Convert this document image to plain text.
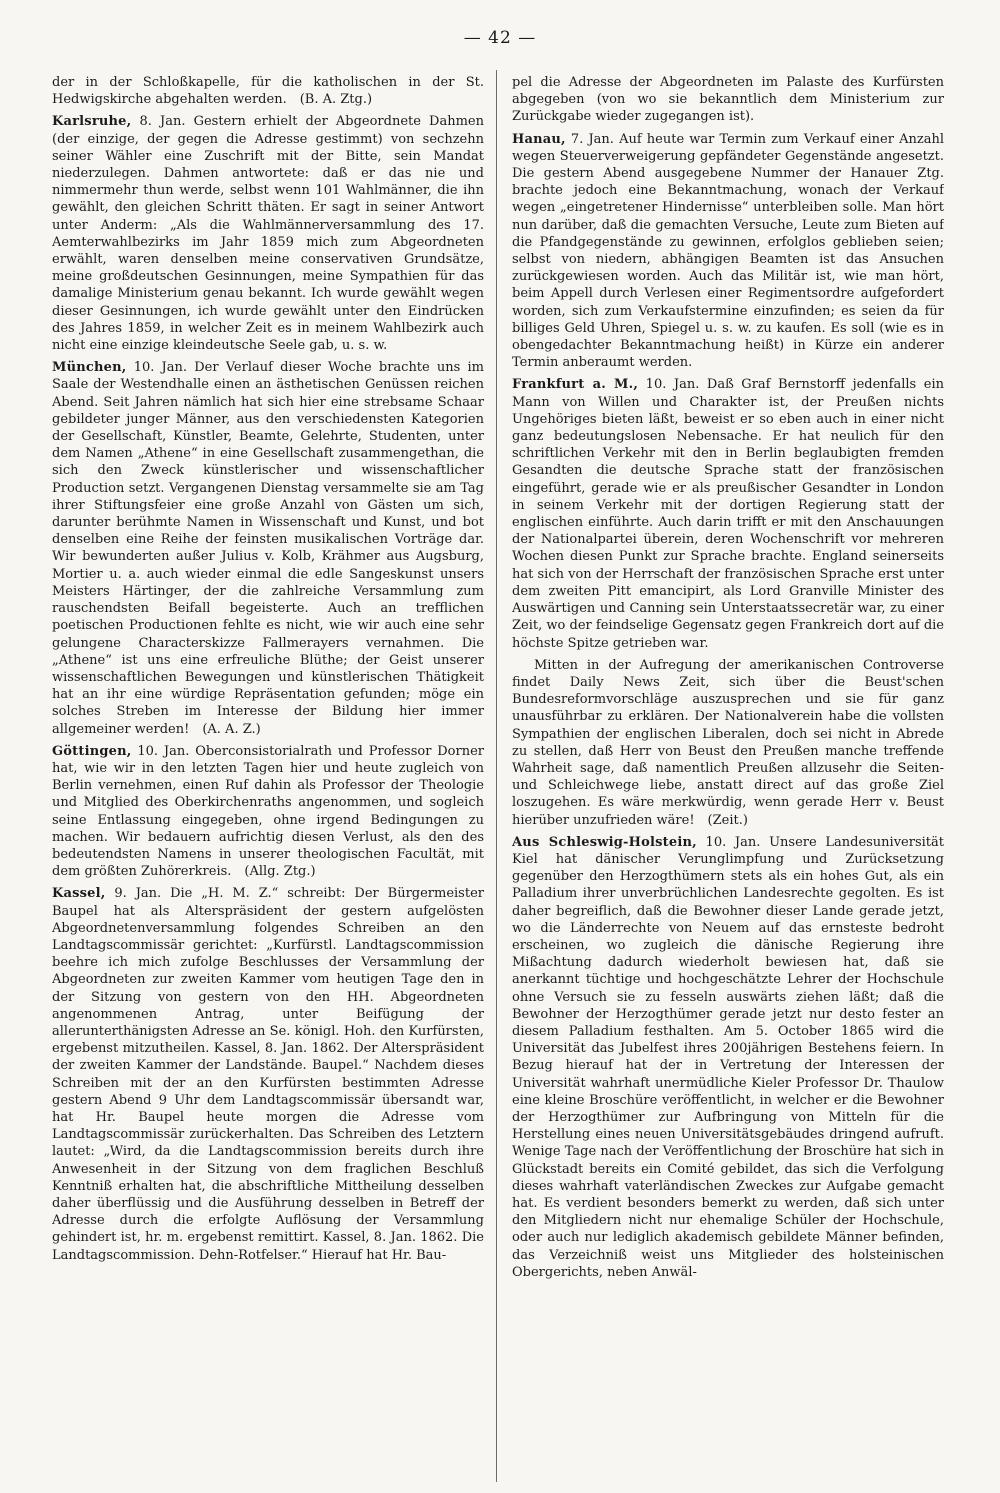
— 42 —

der in der Schloßkapelle, für die katholischen in der St. Hedwigskirche abgehalten werden.  (B. A. Ztg.)

Karlsruhe, 8. Jan. Gestern erhielt der Abgeordnete Dahmen (der einzige, der gegen die Adresse gestimmt) von sechzehn seiner Wähler eine Zuschrift mit der Bitte, sein Mandat niederzulegen. Dahmen antwortete: daß er das nie und nimmermehr thun werde, selbst wenn 101 Wahlmänner, die ihn gewählt, den gleichen Schritt thäten. Er sagt in seiner Antwort unter Anderm: „Als die Wahlmännerversammlung des 17. Aemterwahlbezirks im Jahr 1859 mich zum Abgeordneten erwählt, waren denselben meine conservativen Grundsätze, meine großdeutschen Gesinnungen, meine Sympathien für das damalige Ministerium genau bekannt. Ich wurde gewählt wegen dieser Gesinnungen, ich wurde gewählt unter den Eindrücken des Jahres 1859, in welcher Zeit es in meinem Wahlbezirk auch nicht eine einzige kleindeutsche Seele gab, u. s. w.

München, 10. Jan. Der Verlauf dieser Woche brachte uns im Saale der Westendhalle einen an ästhetischen Genüssen reichen Abend. Seit Jahren nämlich hat sich hier eine strebsame Schaar gebildeter junger Männer, aus den verschiedensten Kategorien der Gesellschaft, Künstler, Beamte, Gelehrte, Studenten, unter dem Namen „Athene“ in eine Gesellschaft zusammengethan, die sich den Zweck künstlerischer und wissenschaftlicher Production setzt. Vergangenen Dienstag versammelte sie am Tag ihrer Stiftungsfeier eine große Anzahl von Gästen um sich, darunter berühmte Namen in Wissenschaft und Kunst, und bot denselben eine Reihe der feinsten musikalischen Vorträge dar. Wir bewunderten außer Julius v. Kolb, Krähmer aus Augsburg, Mortier u. a. auch wieder einmal die edle Sangeskunst unsers Meisters Härtinger, der die zahlreiche Versammlung zum rauschendsten Beifall begeisterte. Auch an trefflichen poetischen Productionen fehlte es nicht, wie wir auch eine sehr gelungene Characterskizze Fallmerayers vernahmen. Die „Athene“ ist uns eine erfreuliche Blüthe; der Geist unserer wissenschaftlichen Bewegungen und künstlerischen Thätigkeit hat an ihr eine würdige Repräsentation gefunden; möge ein solches Streben im Interesse der Bildung hier immer allgemeiner werden!  (A. A. Z.)

Göttingen, 10. Jan. Oberconsistorialrath und Professor Dorner hat, wie wir in den letzten Tagen hier und heute zugleich von Berlin vernehmen, einen Ruf dahin als Professor der Theologie und Mitglied des Oberkirchenraths angenommen, und sogleich seine Entlassung eingegeben, ohne irgend Bedingungen zu machen. Wir bedauern aufrichtig diesen Verlust, als den des bedeutendsten Namens in unserer theologischen Facultät, mit dem größten Zuhörerkreis.  (Allg. Ztg.)

Kassel, 9. Jan. Die „H. M. Z.“ schreibt: Der Bürgermeister Baupel hat als Alterspräsident der gestern aufgelösten Abgeordnetenversammlung folgendes Schreiben an den Landtagscommissär gerichtet: „Kurfürstl. Landtagscommission beehre ich mich zufolge Beschlusses der Versammlung der Abgeordneten zur zweiten Kammer vom heutigen Tage den in der Sitzung von gestern von den HH. Abgeordneten angenommenen Antrag, unter Beifügung der allerunterthänigsten Adresse an Se. königl. Hoh. den Kurfürsten, ergebenst mitzutheilen. Kassel, 8. Jan. 1862. Der Alterspräsident der zweiten Kammer der Landstände. Baupel.“ Nachdem dieses Schreiben mit der an den Kurfürsten bestimmten Adresse gestern Abend 9 Uhr dem Landtagscommissär übersandt war, hat Hr. Baupel heute morgen die Adresse vom Landtagscommissär zurückerhalten. Das Schreiben des Letztern lautet: „Wird, da die Landtagscommission bereits durch ihre Anwesenheit in der Sitzung von dem fraglichen Beschluß Kenntniß erhalten hat, die abschriftliche Mittheilung desselben daher überflüssig und die Ausführung desselben in Betreff der Adresse durch die erfolgte Auflösung der Versammlung gehindert ist, hr. m. ergebenst remittirt. Kassel, 8. Jan. 1862. Die Landtagscommission. Dehn-Rotfelser.“ Hierauf hat Hr. Bau-

pel die Adresse der Abgeordneten im Palaste des Kurfürsten abgegeben (von wo sie bekanntlich dem Ministerium zur Zurückgabe wieder zugegangen ist).

Hanau, 7. Jan. Auf heute war Termin zum Verkauf einer Anzahl wegen Steuerverweigerung gepfändeter Gegenstände angesetzt. Die gestern Abend ausgegebene Nummer der Hanauer Ztg. brachte jedoch eine Bekanntmachung, wonach der Verkauf wegen „eingetretener Hindernisse“ unterbleiben solle. Man hört nun darüber, daß die gemachten Versuche, Leute zum Bieten auf die Pfandgegenstände zu gewinnen, erfolglos geblieben seien; selbst von niedern, abhängigen Beamten ist das Ansuchen zurückgewiesen worden. Auch das Militär ist, wie man hört, beim Appell durch Verlesen einer Regimentsordre aufgefordert worden, sich zum Verkaufstermine einzufinden; es seien da für billiges Geld Uhren, Spiegel u. s. w. zu kaufen. Es soll (wie es in obengedachter Bekanntmachung heißt) in Kürze ein anderer Termin anberaumt werden.

Frankfurt a. M., 10. Jan. Daß Graf Bernstorff jedenfalls ein Mann von Willen und Charakter ist, der Preußen nichts Ungehöriges bieten läßt, beweist er so eben auch in einer nicht ganz bedeutungslosen Nebensache. Er hat neulich für den schriftlichen Verkehr mit den in Berlin beglaubigten fremden Gesandten die deutsche Sprache statt der französischen eingeführt, gerade wie er als preußischer Gesandter in London in seinem Verkehr mit der dortigen Regierung statt der englischen einführte. Auch darin trifft er mit den Anschauungen der Nationalpartei überein, deren Wochenschrift vor mehreren Wochen diesen Punkt zur Sprache brachte. England seinerseits hat sich von der Herrschaft der französischen Sprache erst unter dem zweiten Pitt emancipirt, als Lord Granville Minister des Auswärtigen und Canning sein Unterstaatssecretär war, zu einer Zeit, wo der feindselige Gegensatz gegen Frankreich dort auf die höchste Spitze getrieben war.

Mitten in der Aufregung der amerikanischen Controverse findet Daily News Zeit, sich über die Beust'schen Bundesreformvorschläge auszusprechen und sie für ganz unausführbar zu erklären. Der Nationalverein habe die vollsten Sympathien der englischen Liberalen, doch sei nicht in Abrede zu stellen, daß Herr von Beust den Preußen manche treffende Wahrheit sage, daß namentlich Preußen allzusehr die Seiten- und Schleichwege liebe, anstatt direct auf das große Ziel loszugehen. Es wäre merkwürdig, wenn gerade Herr v. Beust hierüber unzufrieden wäre!  (Zeit.)

Aus Schleswig-Holstein, 10. Jan. Unsere Landesuniversität Kiel hat dänischer Verunglimpfung und Zurücksetzung gegenüber den Herzogthümern stets als ein hohes Gut, als ein Palladium ihrer unverbrüchlichen Landesrechte gegolten. Es ist daher begreiflich, daß die Bewohner dieser Lande gerade jetzt, wo die Länderrechte von Neuem auf das ernsteste bedroht erscheinen, wo zugleich die dänische Regierung ihre Mißachtung dadurch wiederholt bewiesen hat, daß sie anerkannt tüchtige und hochgeschätzte Lehrer der Hochschule ohne Versuch sie zu fesseln auswärts ziehen läßt; daß die Bewohner der Herzogthümer gerade jetzt nur desto fester an diesem Palladium festhalten. Am 5. October 1865 wird die Universität das Jubelfest ihres 200jährigen Bestehens feiern. In Bezug hierauf hat der in Vertretung der Interessen der Universität wahrhaft unermüdliche Kieler Professor Dr. Thaulow eine kleine Broschüre veröffentlicht, in welcher er die Bewohner der Herzogthümer zur Aufbringung von Mitteln für die Herstellung eines neuen Universitätsgebäudes dringend aufruft. Wenige Tage nach der Veröffentlichung der Broschüre hat sich in Glückstadt bereits ein Comité gebildet, das sich die Verfolgung dieses wahrhaft vaterländischen Zweckes zur Aufgabe gemacht hat. Es verdient besonders bemerkt zu werden, daß sich unter den Mitgliedern nicht nur ehemalige Schüler der Hochschule, oder auch nur lediglich akademisch gebildete Männer befinden, das Verzeichniß weist uns Mitglieder des holsteinischen Obergerichts, neben Anwäl-
